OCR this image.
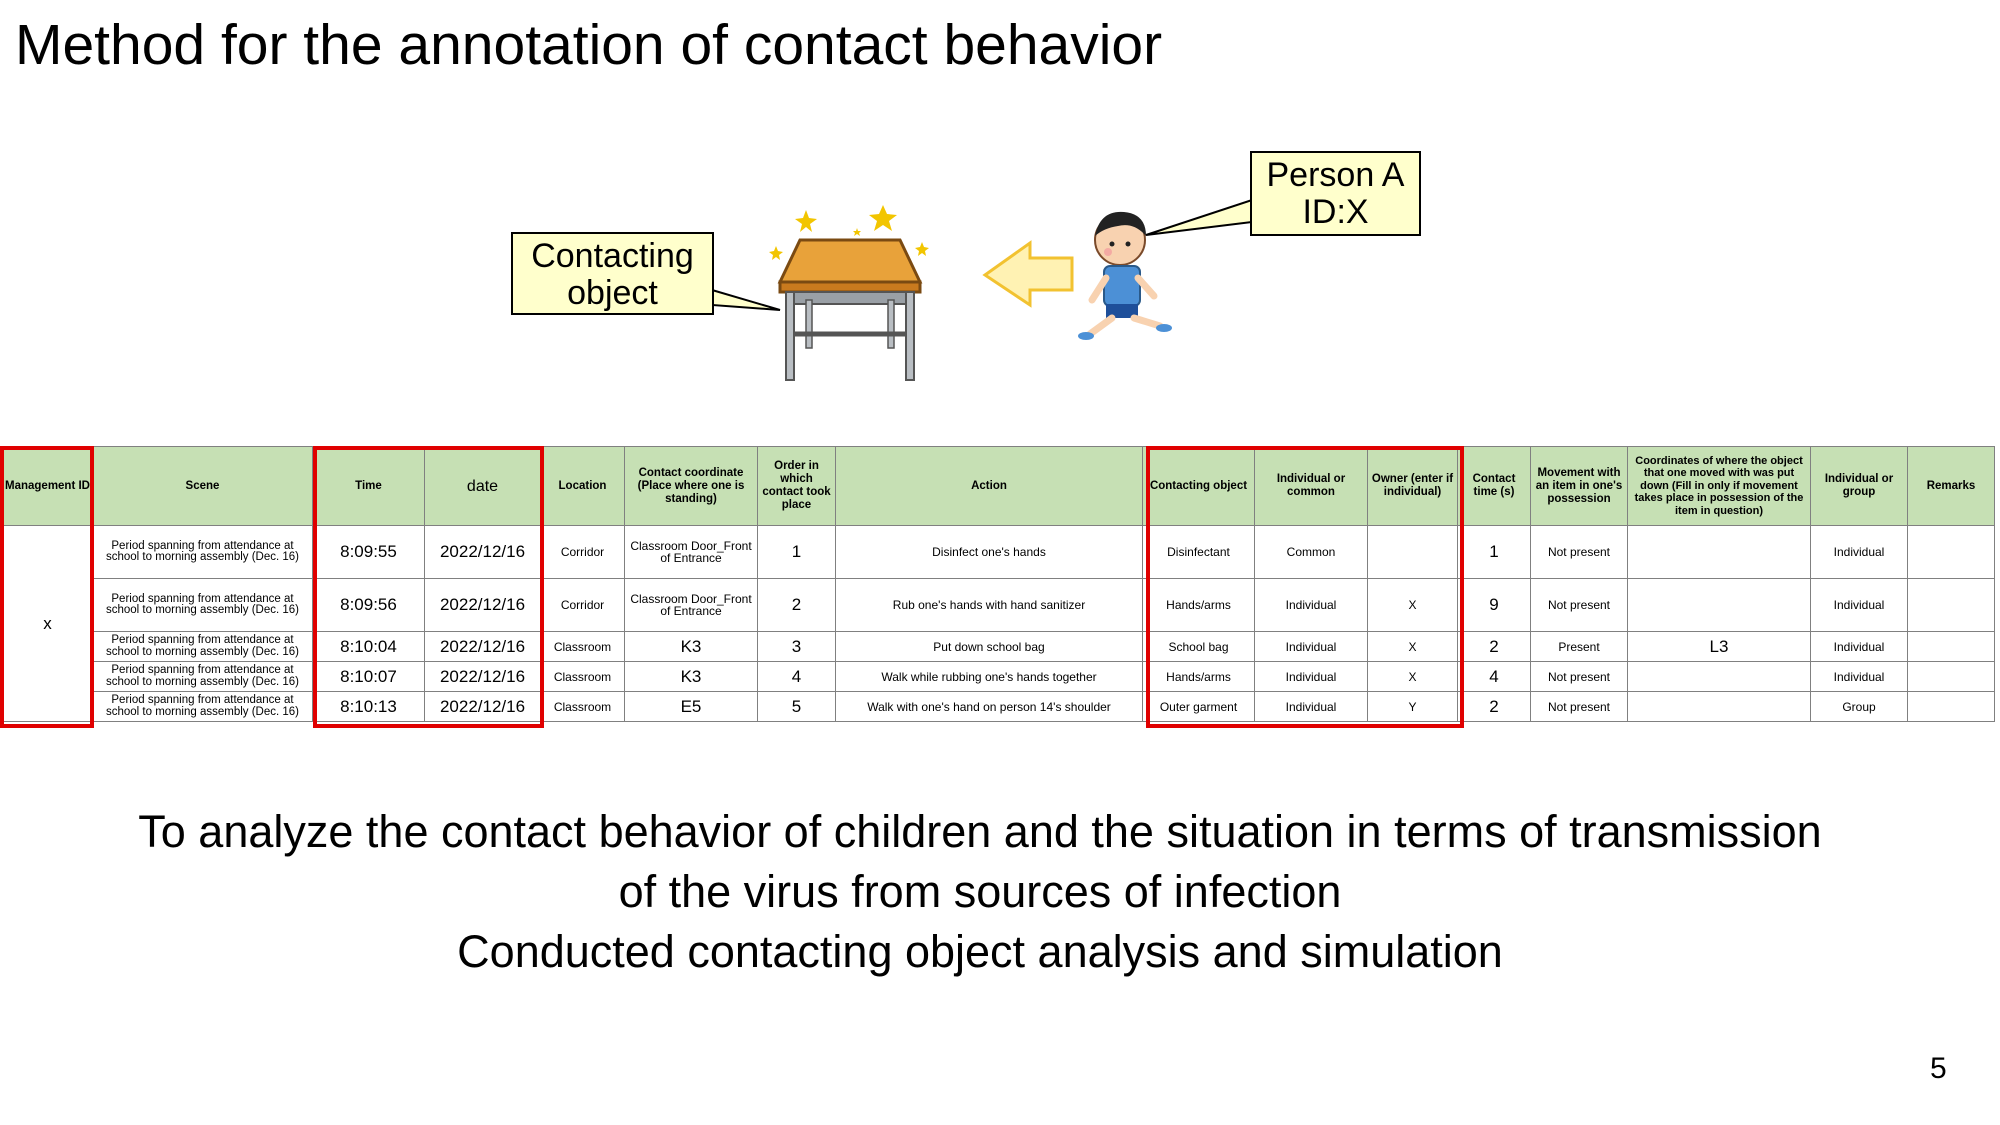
Method for the annotation of contact behavior
Contacting
object
Person A
ID:X
Management ID	Scene	Time	date	Location	Contact coordinate (Place where one is standing)	Order in which contact took place	Action	Contacting object	Individual or common	Owner (enter if individual)	Contact time (s)	Movement with an item in one's possession	Coordinates of where the object that one moved with was put down (Fill in only if movement takes place in possession of the item in question)	Individual or group	Remarks
x	Period spanning from attendance at school to morning assembly (Dec. 16)	8:09:55	2022/12/16	Corridor	Classroom Door_Front of Entrance	1	Disinfect one's hands	Disinfectant	Common		1	Not present		Individual	
	Period spanning from attendance at school to morning assembly (Dec. 16)	8:09:56	2022/12/16	Corridor	Classroom Door_Front of Entrance	2	Rub one's hands with hand sanitizer	Hands/arms	Individual	X	9	Not present		Individual	
	Period spanning from attendance at school to morning assembly (Dec. 16)	8:10:04	2022/12/16	Classroom	K3	3	Put down school bag	School bag	Individual	X	2	Present	L3	Individual	
	Period spanning from attendance at school to morning assembly (Dec. 16)	8:10:07	2022/12/16	Classroom	K3	4	Walk while rubbing one's hands together	Hands/arms	Individual	X	4	Not present		Individual	
	Period spanning from attendance at school to morning assembly (Dec. 16)	8:10:13	2022/12/16	Classroom	E5	5	Walk with one's hand on person 14's shoulder	Outer garment	Individual	Y	2	Not present		Group	
To analyze the contact behavior of children and the situation in terms of transmission
of the virus from sources of infection
Conducted contacting object analysis and simulation
5
